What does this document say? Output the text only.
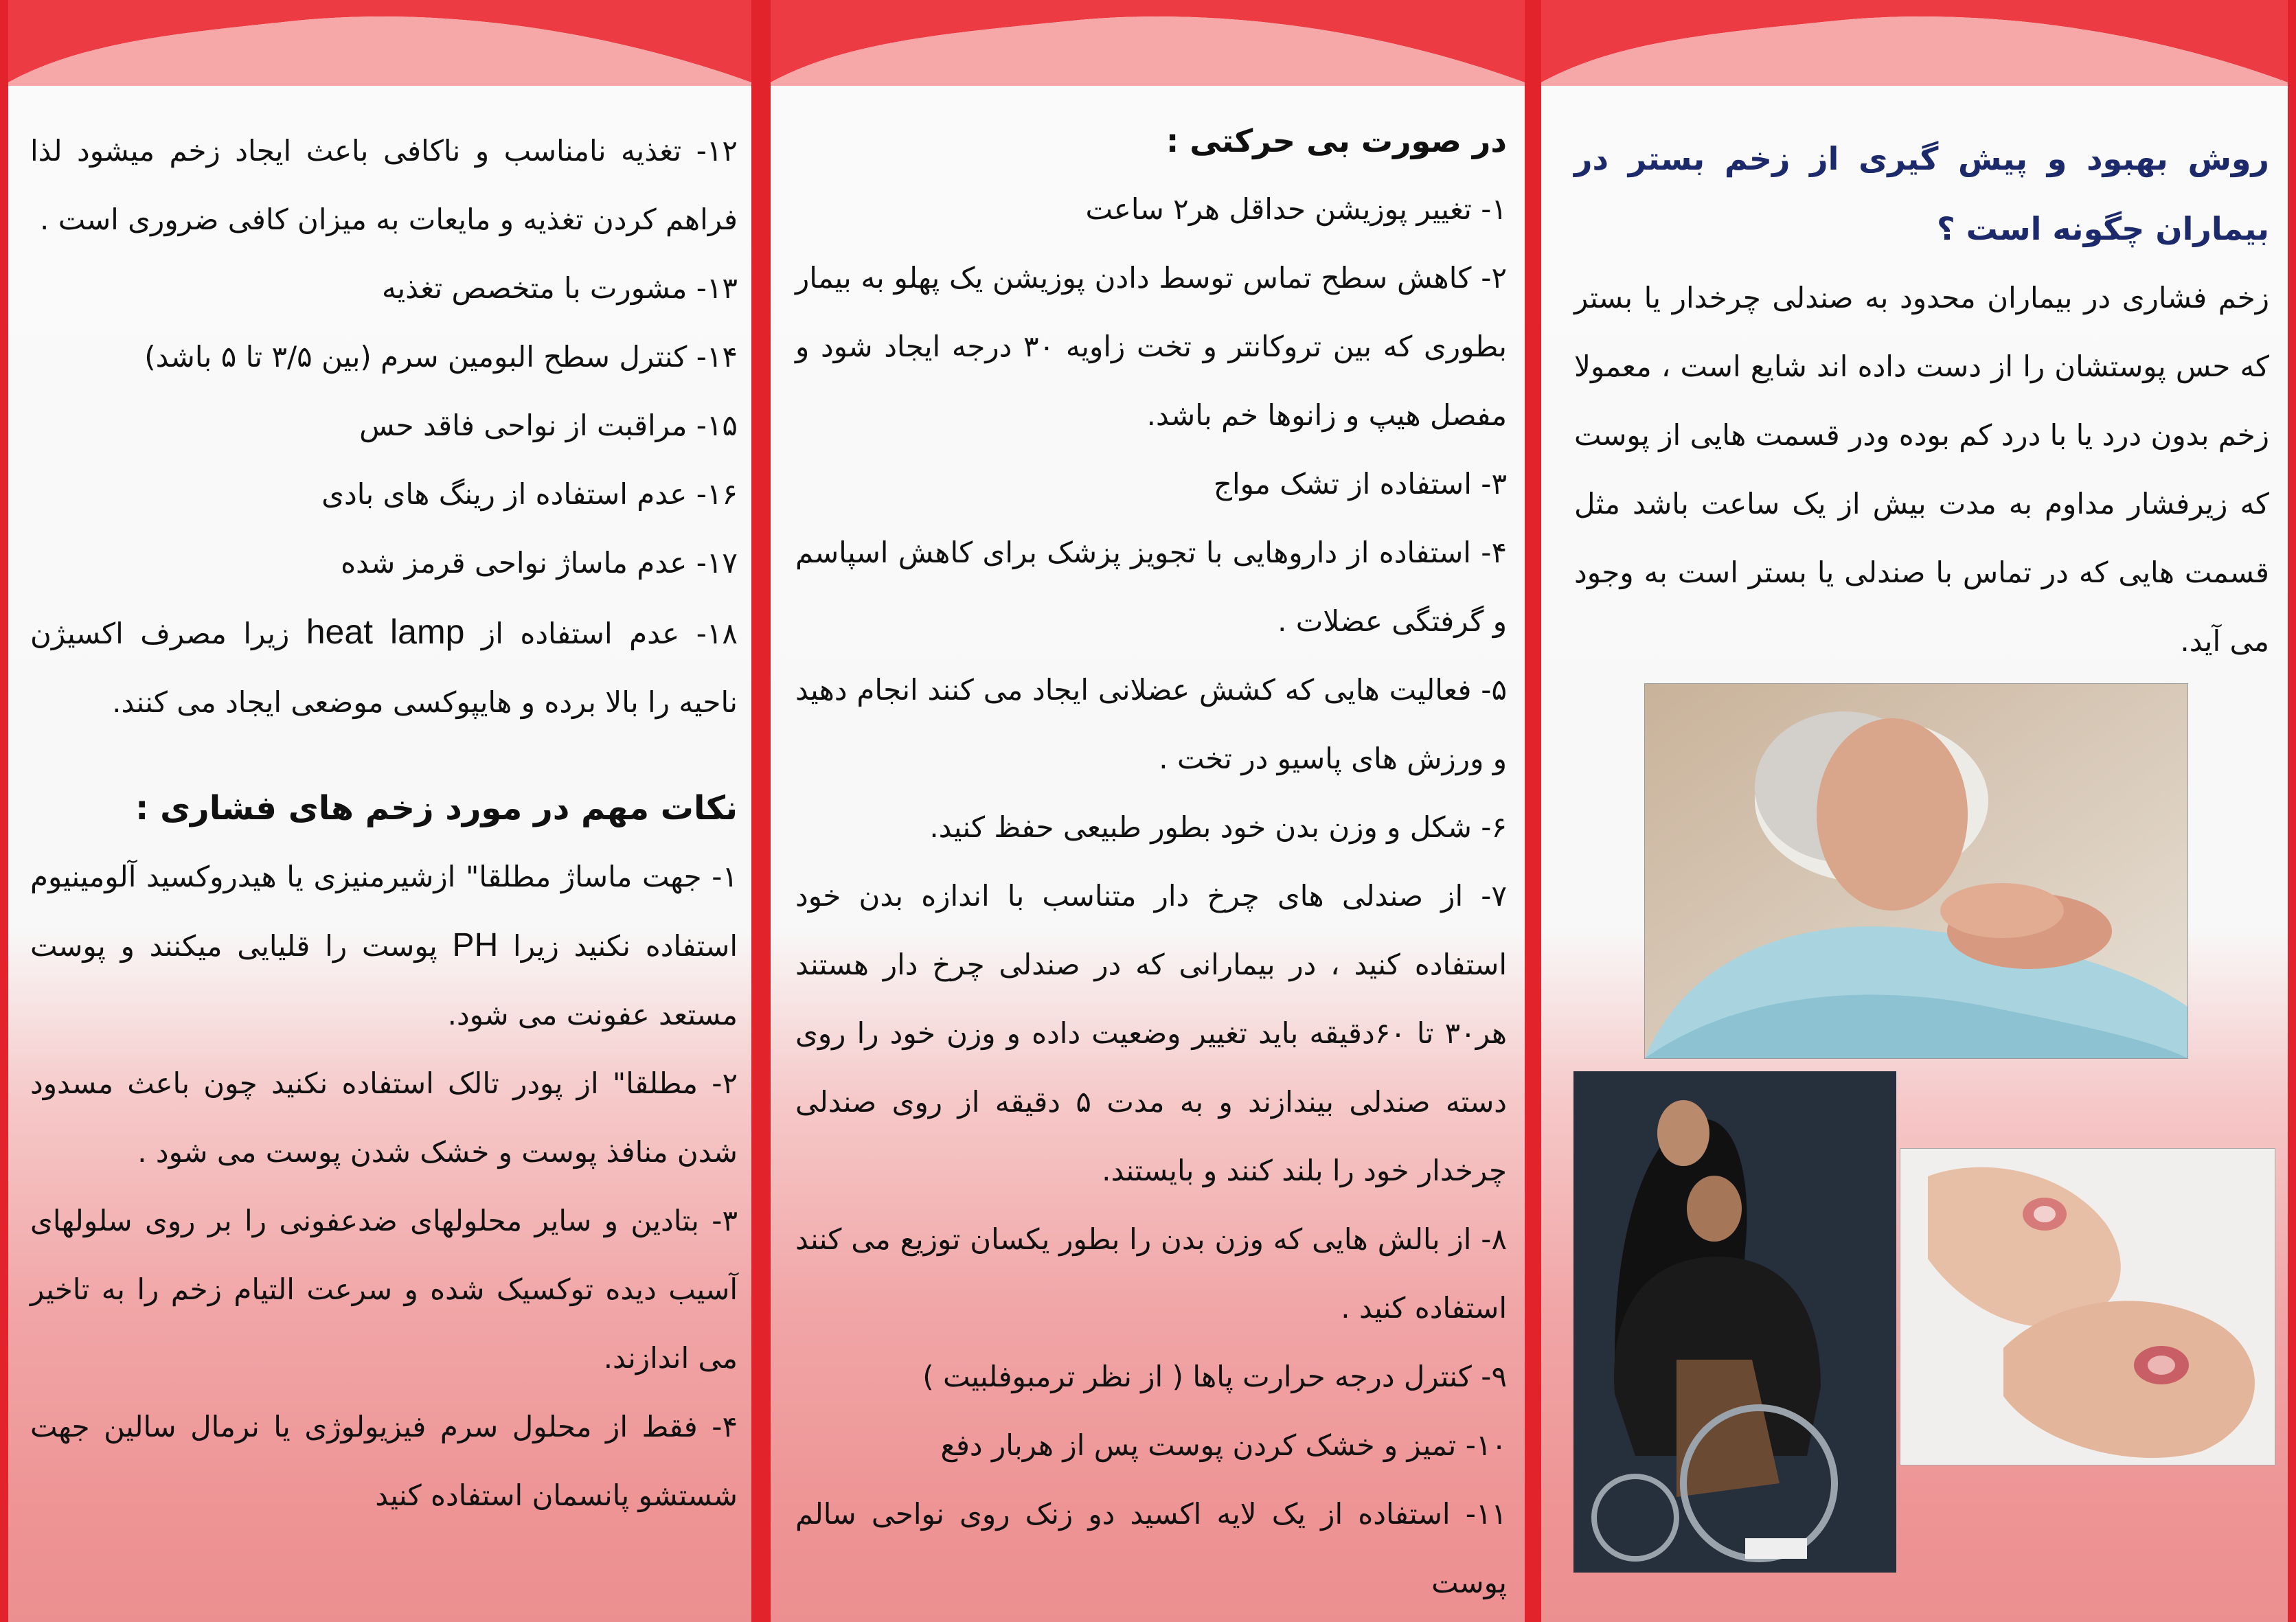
۱۲- تغذیه نامناسب و ناکافی باعث ایجاد زخم میشود لذا فراهم کردن تغذیه و مایعات به میزان کافی ضروری است .

۱۳- مشورت با متخصص تغذیه

۱۴- کنترل سطح البومین سرم (بین ۳/۵ تا ۵ باشد)

۱۵- مراقبت از نواحی فاقد حس

۱۶- عدم استفاده از رینگ های بادی

۱۷- عدم ماساژ نواحی قرمز شده

۱۸- عدم استفاده از heat lamp زیرا مصرف اکسیژن ناحیه را بالا برده و هایپوکسی موضعی ایجاد می کنند.

نکات مهم در مورد زخم های فشاری :

۱- جهت ماساژ مطلقا" ازشیرمنیزی یا هیدروکسید آلومینیوم استفاده نکنید زیرا PH پوست را قلیایی میکنند و پوست مستعد عفونت می شود.

۲- مطلقا" از پودر تالک استفاده نکنید چون باعث مسدود شدن منافذ پوست و خشک شدن پوست می شود .

۳- بتادین و سایر محلولهای ضدعفونی را بر روی سلولهای آسیب دیده توکسیک شده و سرعت التیام زخم را به تاخیر می اندازند.

۴- فقط از محلول سرم فیزیولوژی یا نرمال سالین جهت شستشو پانسمان استفاده کنید

در صورت بی حرکتی :

۱- تغییر پوزیشن حداقل هر۲ ساعت

۲- کاهش سطح تماس توسط دادن پوزیشن یک پهلو به بیمار بطوری که بین تروکانتر و تخت زاویه ۳۰ درجه ایجاد شود و مفصل هیپ و زانوها خم باشد.

۳- استفاده از تشک مواج

۴- استفاده از داروهایی با تجویز پزشک برای کاهش اسپاسم و گرفتگی عضلات .

۵- فعالیت هایی که کشش عضلانی ایجاد می کنند انجام دهید و ورزش های پاسیو در تخت .

۶- شکل و وزن بدن خود بطور طبیعی حفظ کنید.

۷- از صندلی های چرخ دار متناسب با اندازه بدن خود استفاده کنید ، در بیمارانی که در صندلی چرخ دار هستند هر۳۰ تا ۶۰دقیقه باید تغییر وضعیت داده و وزن خود را روی دسته صندلی بیندازند و به مدت ۵ دقیقه از روی صندلی چرخدار خود را بلند کنند و بایستند.

۸- از بالش هایی که وزن بدن را بطور یکسان توزیع می کنند استفاده کنید .

۹- کنترل درجه حرارت پاها ( از نظر ترمبوفلبیت )

۱۰- تمیز و خشک کردن پوست پس از هربار دفع

۱۱- استفاده از یک لایه اکسید دو زنک روی نواحی سالم پوست

روش بهبود و پیش گیری از زخم بستر در بیماران چگونه است ؟

زخم فشاری در بیماران محدود به صندلی چرخدار یا بستر که حس پوستشان را از دست داده اند شایع است ، معمولا زخم بدون درد یا با درد کم بوده ودر قسمت هایی از پوست که زیرفشار مداوم به مدت بیش از یک ساعت باشد مثل قسمت هایی که در تماس با صندلی یا بستر است به وجود می آید.
